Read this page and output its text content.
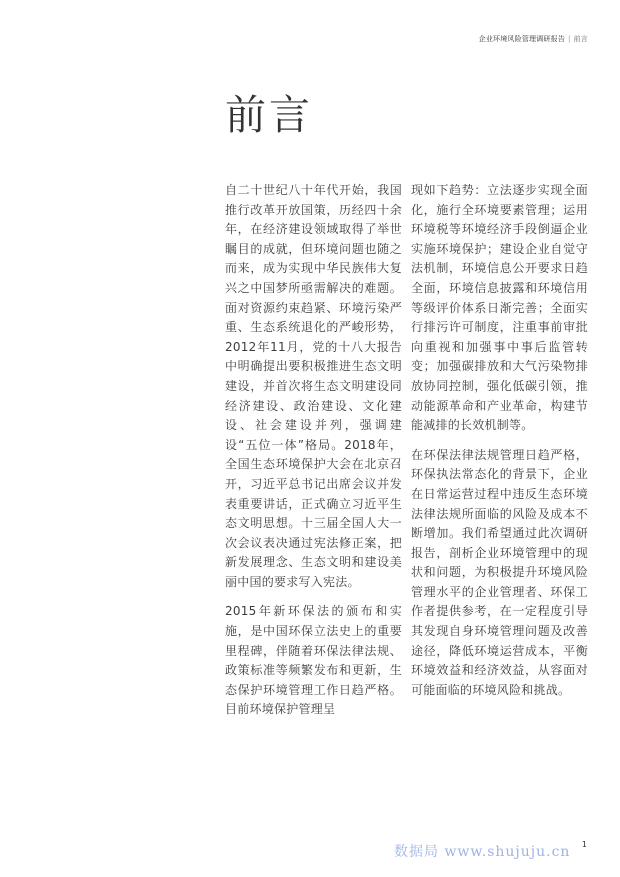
企业环境风险管理调研报告 | 前言
前言

自二十世纪八十年代开始，我国推行改革开放国策，历经四十余年，在经济建设领域取得了举世瞩目的成就，但环境问题也随之而来，成为实现中华民族伟大复兴之中国梦所亟需解决的难题。面对资源约束趋紧、环境污染严重、生态系统退化的严峻形势，2012年11月，党的十八大报告中明确提出要积极推进生态文明建设，并首次将生态文明建设同经济建设、政治建设、文化建设、社会建设并列，强调建设“五位一体”格局。2018年，全国生态环境保护大会在北京召开，习近平总书记出席会议并发表重要讲话，正式确立习近平生态文明思想。十三届全国人大一次会议表决通过宪法修正案，把新发展理念、生态文明和建设美丽中国的要求写入宪法。

2015年新环保法的颁布和实施，是中国环保立法史上的重要里程碑，伴随着环保法律法规、政策标准等频繁发布和更新，生态保护环境管理工作日趋严格。目前环境保护管理呈

现如下趋势：立法逐步实现全面化，施行全环境要素管理；运用环境税等环境经济手段倒逼企业实施环境保护；建设企业自觉守法机制，环境信息公开要求日趋全面，环境信息披露和环境信用等级评价体系日渐完善；全面实行排污许可制度，注重事前审批向重视和加强事中事后监管转变；加强碳排放和大气污染物排放协同控制，强化低碳引领，推动能源革命和产业革命，构建节能减排的长效机制等。

在环保法律法规管理日趋严格，环保执法常态化的背景下，企业在日常运营过程中违反生态环境法律法规所面临的风险及成本不断增加。我们希望通过此次调研报告，剖析企业环境管理中的现状和问题，为积极提升环境风险管理水平的企业管理者、环保工作者提供参考，在一定程度引导其发现自身环境管理问题及改善途径，降低环境运营成本，平衡环境效益和经济效益，从容面对可能面临的环境风险和挑战。

数据局 www.shujuju.cn 1
